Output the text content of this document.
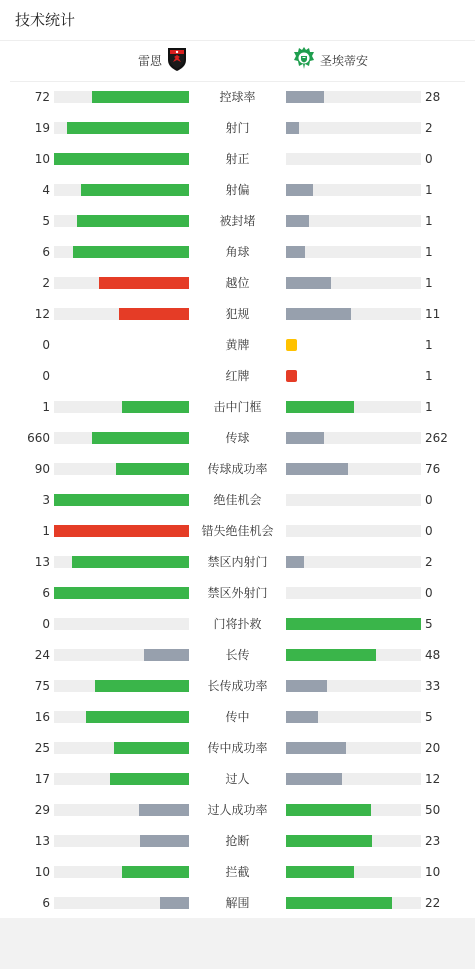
技术统计
雷恩	圣埃蒂安
72	控球率	28
19	射门	2
10	射正	0
4	射偏	1
5	被封堵	1
6	角球	1
2	越位	1
12	犯规	11
0	黄牌	1
0	红牌	1
1	击中门框	1
660	传球	262
90	传球成功率	76
3	绝佳机会	0
1	错失绝佳机会	0
13	禁区内射门	2
6	禁区外射门	0
0	门将扑救	5
24	长传	48
75	长传成功率	33
16	传中	5
25	传中成功率	20
17	过人	12
29	过人成功率	50
13	抢断	23
10	拦截	10
6	解围	22
